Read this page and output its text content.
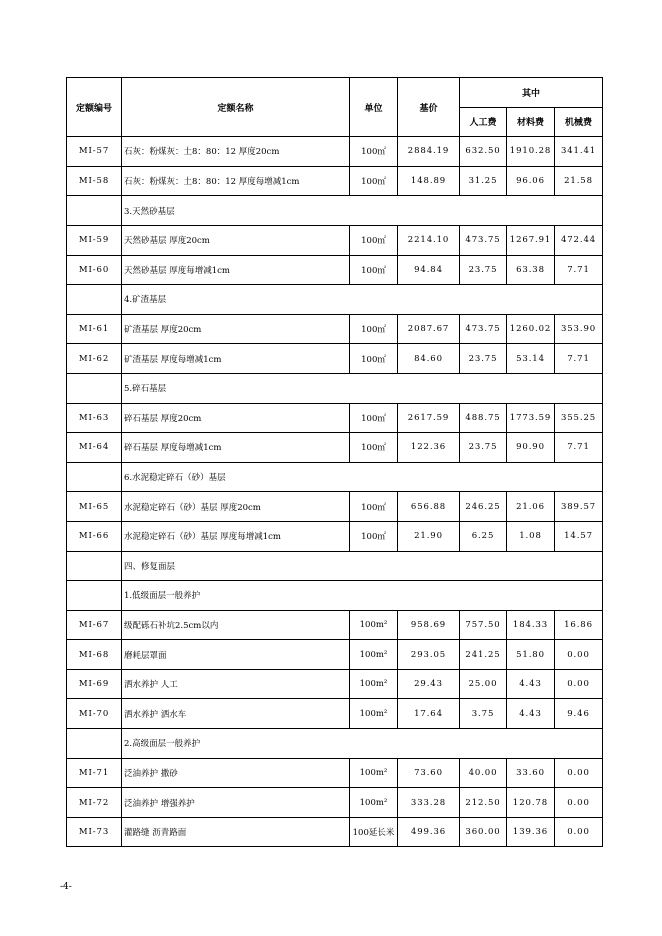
定额编号	定额名称	单位	基价	其中		
				人工费	材料费	机械费
MI-57	石灰：粉煤灰：土8：80：12 厚度20cm	100㎡	2884.19	632.50	1910.28	341.41
MI-58	石灰：粉煤灰：土8：80：12 厚度每增减1cm	100㎡	148.89	31.25	96.06	21.58
	3.天然砂基层					
MI-59	天然砂基层 厚度20cm	100㎡	2214.10	473.75	1267.91	472.44
MI-60	天然砂基层 厚度每增减1cm	100㎡	94.84	23.75	63.38	7.71
	4.矿渣基层					
MI-61	矿渣基层 厚度20cm	100㎡	2087.67	473.75	1260.02	353.90
MI-62	矿渣基层 厚度每增减1cm	100㎡	84.60	23.75	53.14	7.71
	5.碎石基层					
MI-63	碎石基层 厚度20cm	100㎡	2617.59	488.75	1773.59	355.25
MI-64	碎石基层 厚度每增减1cm	100㎡	122.36	23.75	90.90	7.71
	6.水泥稳定碎石（砂）基层					
MI-65	水泥稳定碎石（砂）基层 厚度20cm	100㎡	656.88	246.25	21.06	389.57
MI-66	水泥稳定碎石（砂）基层 厚度每增减1cm	100㎡	21.90	6.25	1.08	14.57
	四、修复面层					
	1.低级面层一般养护					
MI-67	级配砾石补坑2.5cm以内	100m²	958.69	757.50	184.33	16.86
MI-68	磨耗层罩面	100m²	293.05	241.25	51.80	0.00
MI-69	洒水养护 人工	100m²	29.43	25.00	4.43	0.00
MI-70	洒水养护 洒水车	100m²	17.64	3.75	4.43	9.46
	2.高级面层一般养护					
MI-71	泛油养护 撒砂	100m²	73.60	40.00	33.60	0.00
MI-72	泛油养护 增强养护	100m²	333.28	212.50	120.78	0.00
MI-73	灌路缝 沥青路面	100延长米	499.36	360.00	139.36	0.00
-4-
